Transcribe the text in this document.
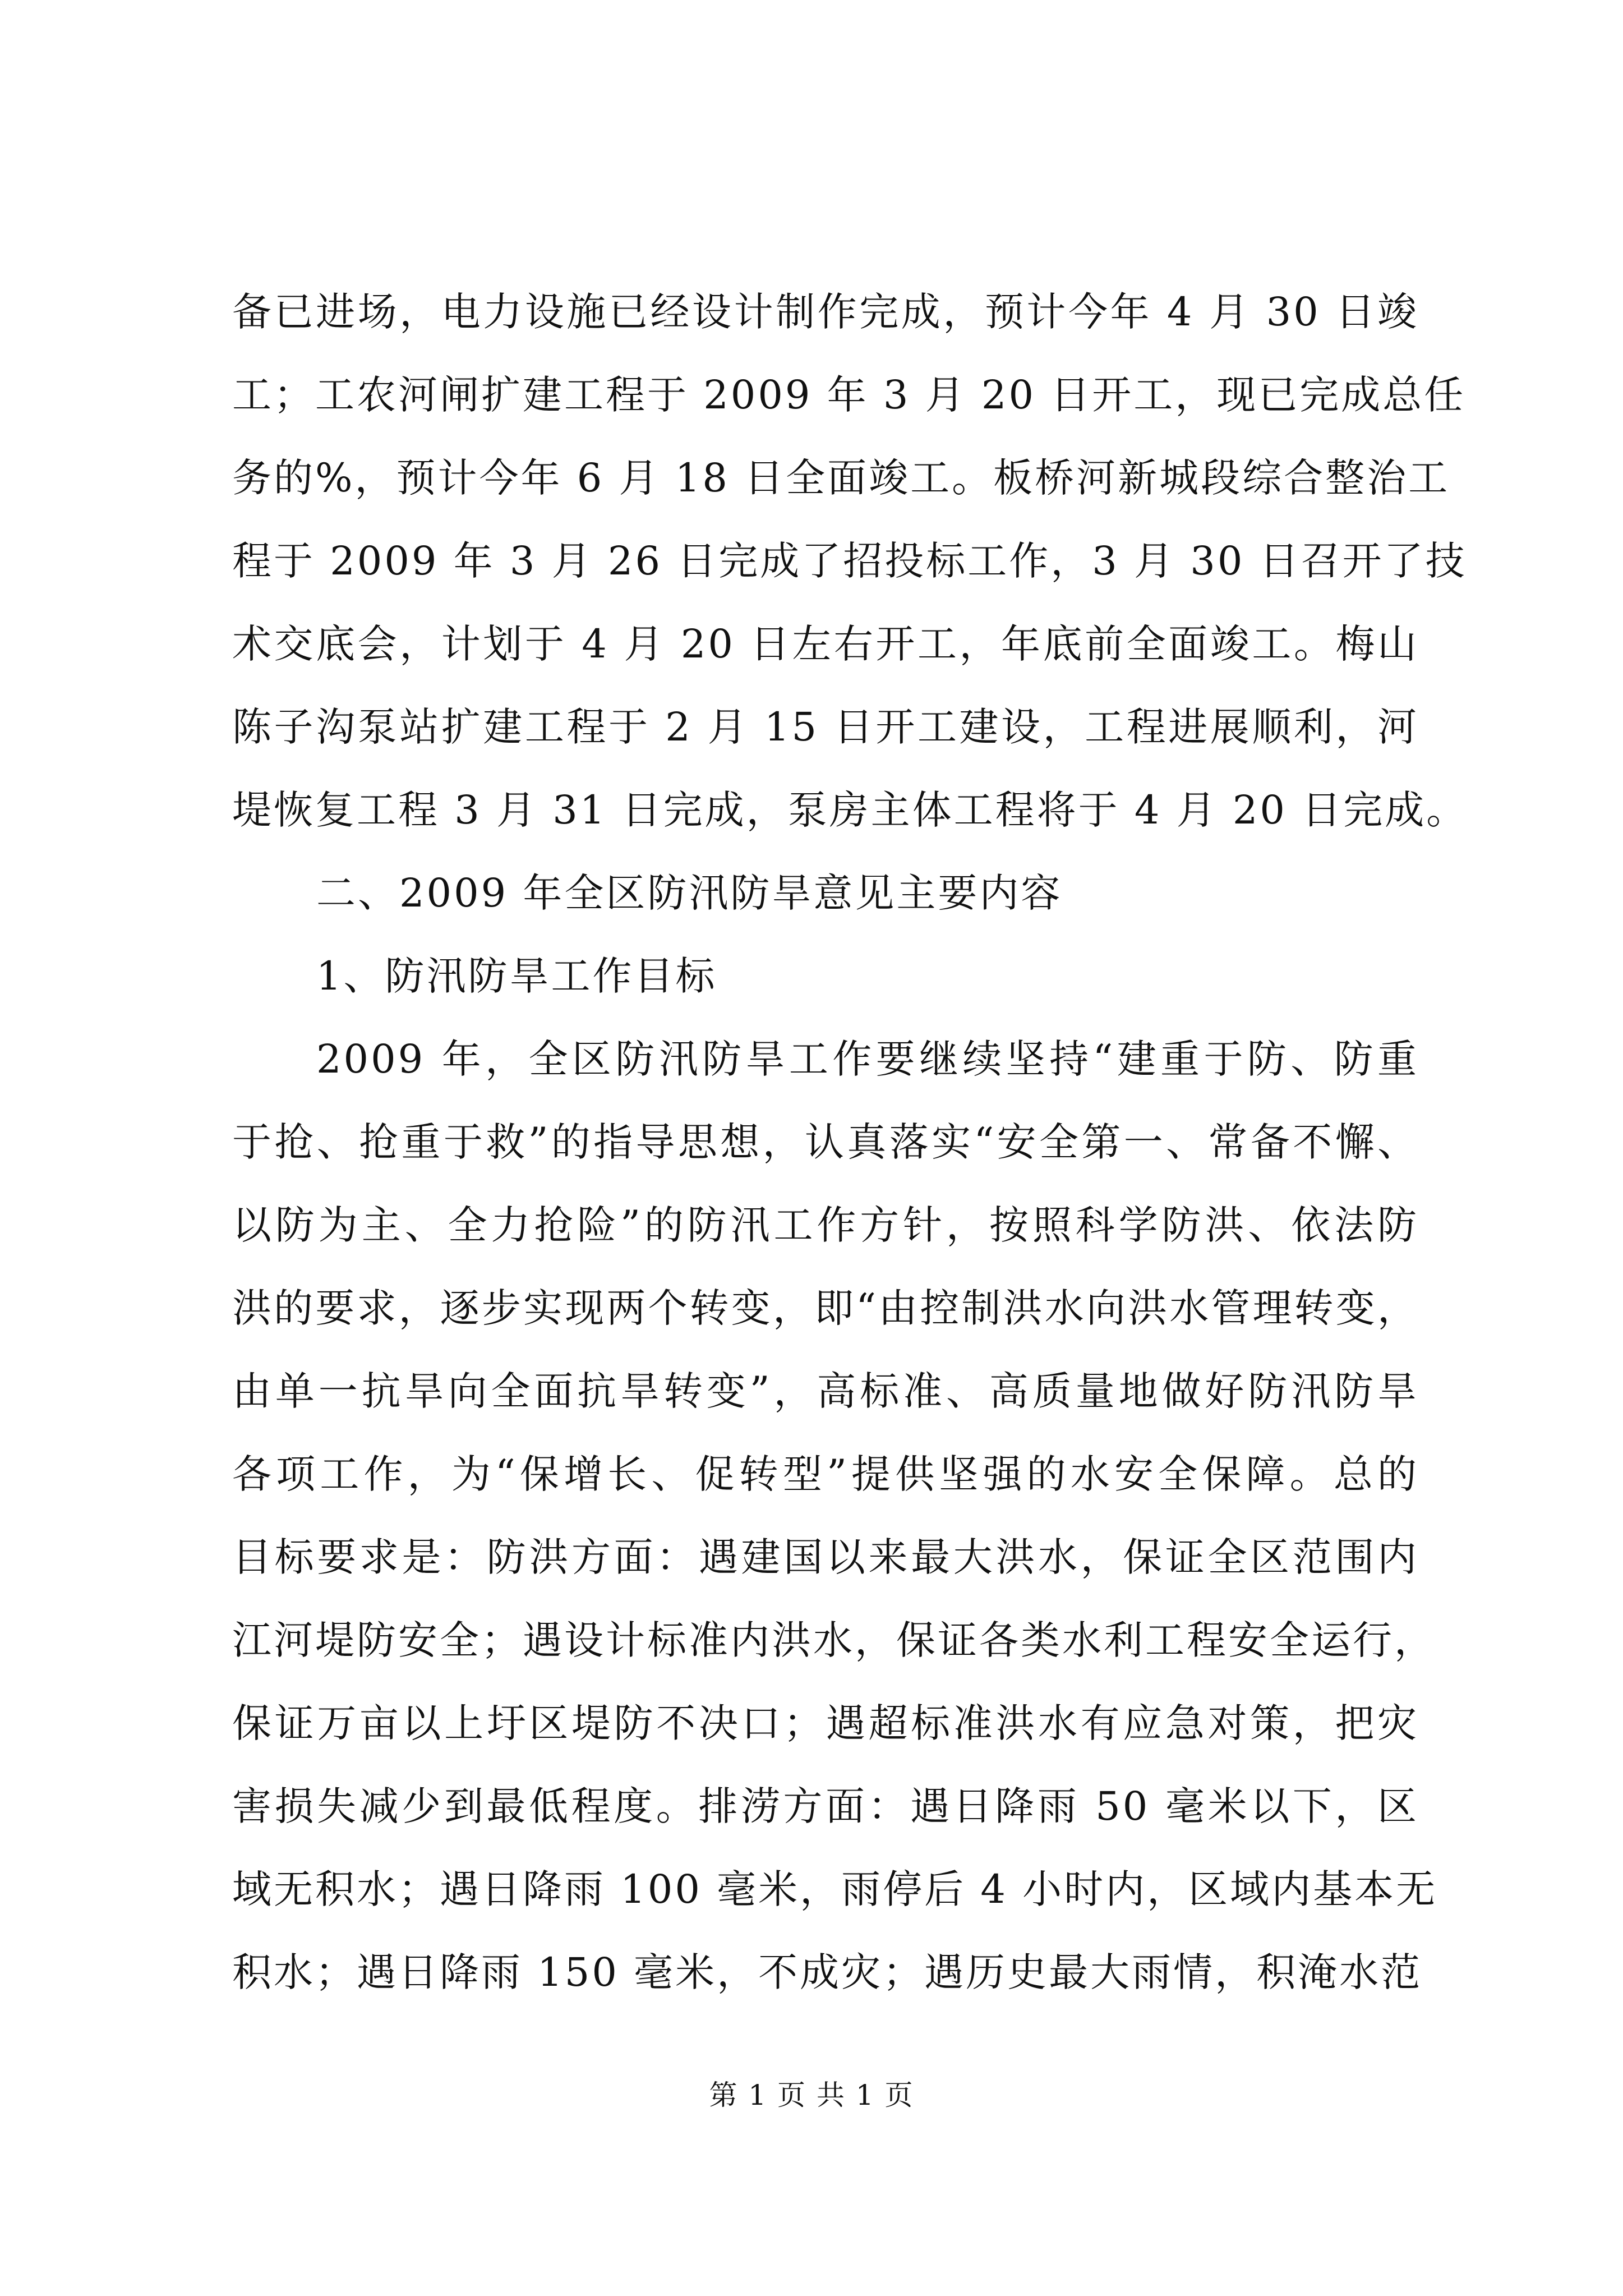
备已进场，电力设施已经设计制作完成，预计今年 4 月 30 日竣
工；工农河闸扩建工程于 2009 年 3 月 20 日开工，现已完成总任
务的%，预计今年 6 月 18 日全面竣工。板桥河新城段综合整治工
程于 2009 年 3 月 26 日完成了招投标工作，3 月 30 日召开了技
术交底会，计划于 4 月 20 日左右开工，年底前全面竣工。梅山
陈子沟泵站扩建工程于 2 月 15 日开工建设，工程进展顺利，河
堤恢复工程 3 月 31 日完成，泵房主体工程将于 4 月 20 日完成。
二、2009 年全区防汛防旱意见主要内容
1、防汛防旱工作目标
2009 年，全区防汛防旱工作要继续坚持“建重于防、防重
于抢、抢重于救”的指导思想，认真落实“安全第一、常备不懈、
以防为主、全力抢险”的防汛工作方针，按照科学防洪、依法防
洪的要求，逐步实现两个转变，即“由控制洪水向洪水管理转变，
由单一抗旱向全面抗旱转变”，高标准、高质量地做好防汛防旱
各项工作，为“保增长、促转型”提供坚强的水安全保障。总的
目标要求是：防洪方面：遇建国以来最大洪水，保证全区范围内
江河堤防安全；遇设计标准内洪水，保证各类水利工程安全运行，
保证万亩以上圩区堤防不决口；遇超标准洪水有应急对策，把灾
害损失减少到最低程度。排涝方面：遇日降雨 50 毫米以下，区
域无积水；遇日降雨 100 毫米，雨停后 4 小时内，区域内基本无
积水；遇日降雨 150 毫米，不成灾；遇历史最大雨情，积淹水范
第 1 页 共 1 页
